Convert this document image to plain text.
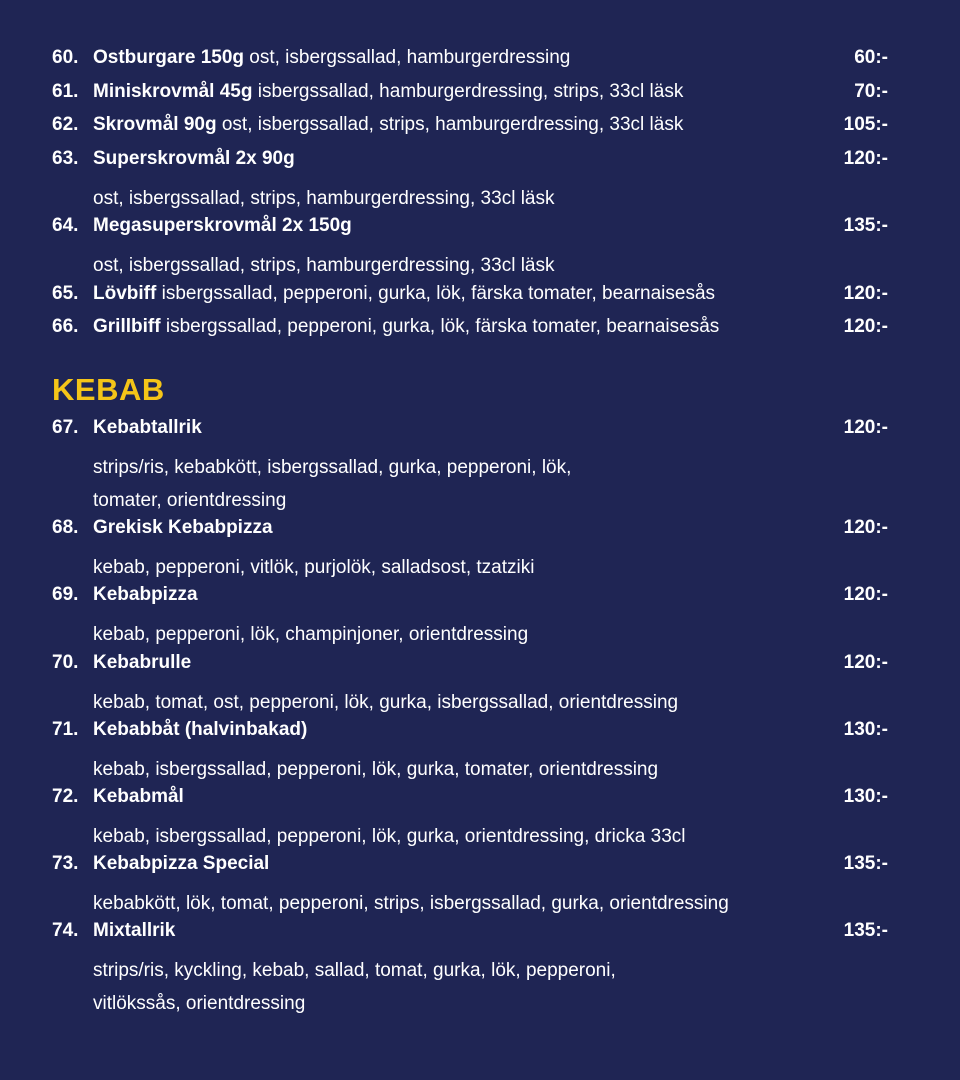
60. Ostburgare 150g ost, isbergssallad, hamburgerdressing	60:-
61. Miniskrovmål 45g isbergssallad, hamburgerdressing, strips, 33cl läsk	70:-
62. Skrovmål 90g ost, isbergssallad, strips, hamburgerdressing, 33cl läsk	105:-
63. Superskrovmål 2x 90g	120:-
ost, isbergssallad, strips, hamburgerdressing, 33cl läsk
64. Megasuperskrovmål 2x 150g	135:-
ost, isbergssallad, strips, hamburgerdressing, 33cl läsk
65. Lövbiff isbergssallad, pepperoni, gurka, lök, färska tomater, bearnaisesås	120:-
66. Grillbiff isbergssallad, pepperoni, gurka, lök, färska tomater, bearnaisesås	120:-
KEBAB
67. Kebabtallrik	120:-
strips/ris, kebabkött, isbergssallad, gurka, pepperoni, lök,
tomater, orientdressing
68. Grekisk Kebabpizza	120:-
kebab, pepperoni, vitlök, purjolök, salladsost, tzatziki
69. Kebabpizza	120:-
kebab, pepperoni, lök, champinjoner, orientdressing
70. Kebabrulle	120:-
kebab, tomat, ost, pepperoni, lök, gurka, isbergssallad, orientdressing
71. Kebabbåt (halvinbakad)	130:-
kebab, isbergssallad, pepperoni, lök, gurka, tomater, orientdressing
72. Kebabmål	130:-
kebab, isbergssallad, pepperoni, lök, gurka, orientdressing, dricka 33cl
73. Kebabpizza Special	135:-
kebabkött, lök, tomat, pepperoni, strips, isbergssallad, gurka, orientdressing
74. Mixtallrik	135:-
strips/ris, kyckling, kebab, sallad, tomat, gurka, lök, pepperoni,
vitlökssås, orientdressing
